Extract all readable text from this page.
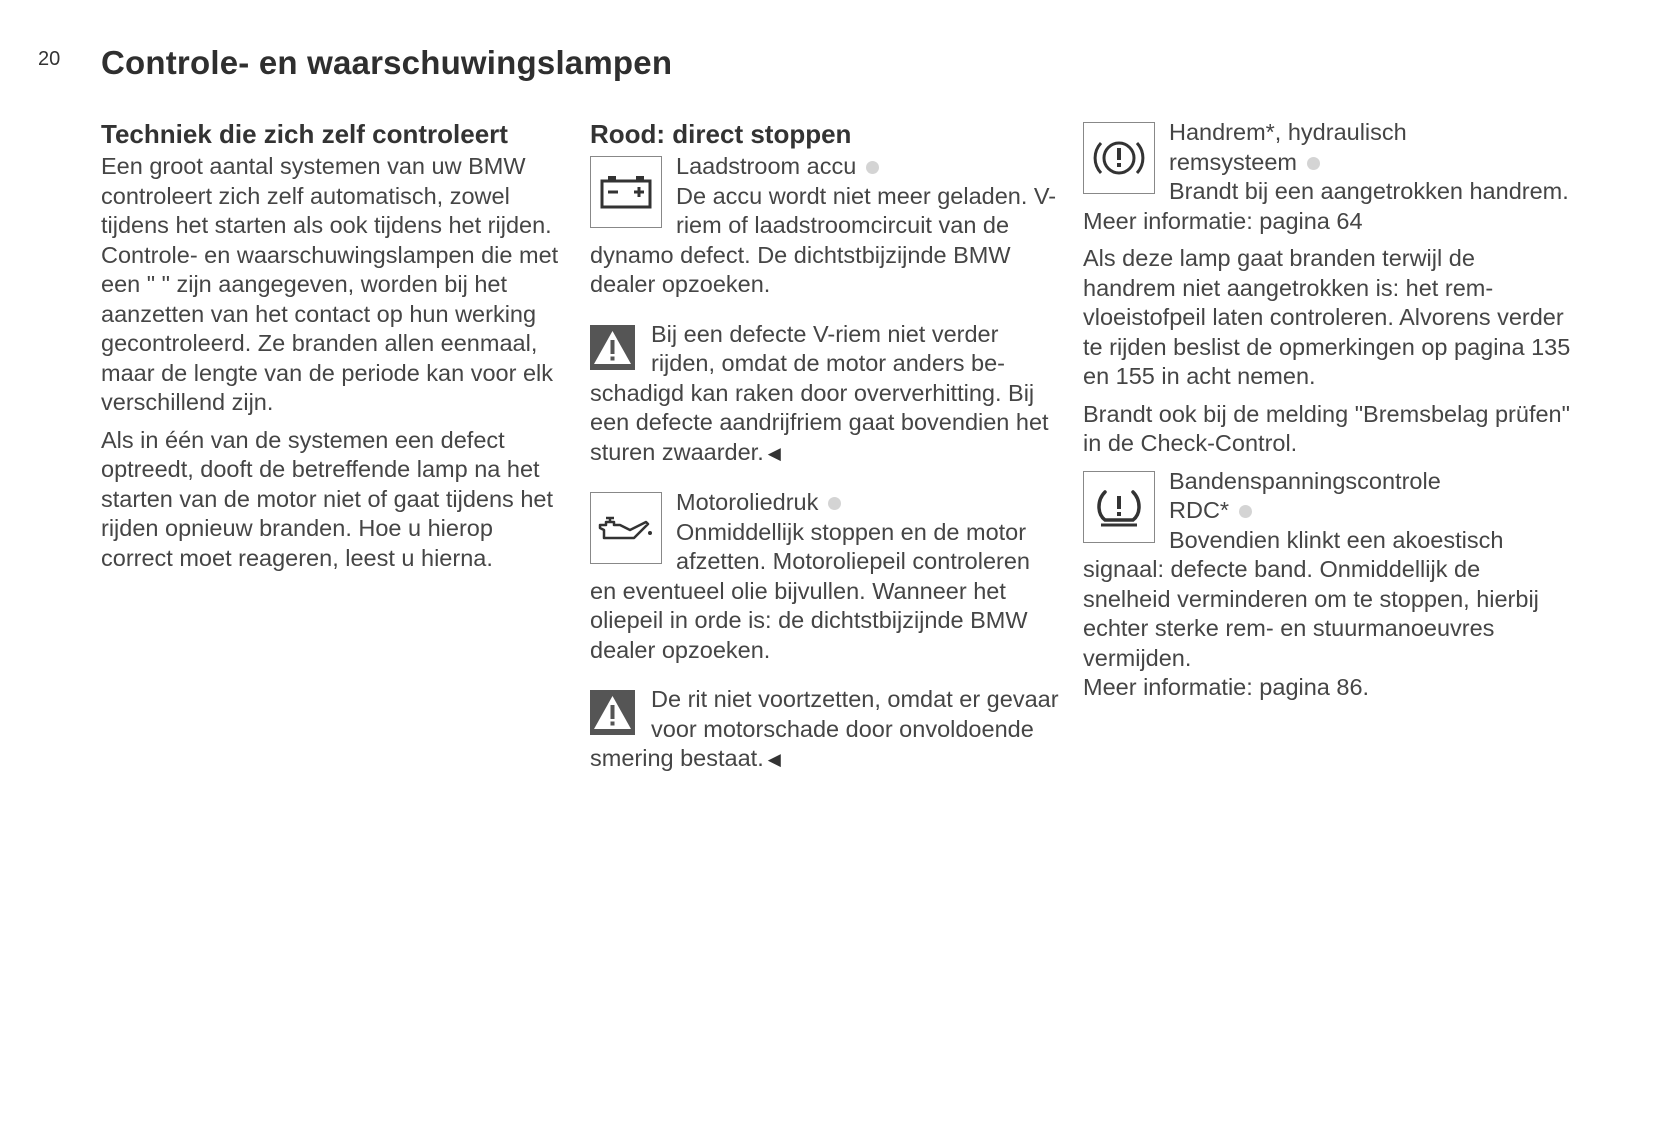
20 Controle- en waarschuwingslampen
Techniek die zich zelf controleert

Een groot aantal systemen van uw BMW controleert zich zelf automatisch, zowel tijdens het starten als ook tijdens het rijden. Controle- en waarschuwingslampen die met een " " zijn aangegeven, worden bij het aanzetten van het contact op hun werking gecontroleerd. Ze branden allen eenmaal, maar de lengte van de periode kan voor elk verschillend zijn.

Als in één van de systemen een defect optreedt, dooft de betreffende lamp na het starten van de motor niet of gaat tijdens het rijden opnieuw branden. Hoe u hierop correct moet reageren, leest u hierna.

Rood: direct stoppen
Laadstroom accu
De accu wordt niet meer geladen. V-riem of laadstroomcircuit van de dynamo defect. De dichtstbijzijnde BMW dealer opzoeken.
Bij een defecte V-riem niet verder rijden, omdat de motor anders beschadigd kan raken door oververhitting. Bij een defecte aandrijfriem gaat bovendien het sturen zwaarder. ◀
Motoroliedruk
Onmiddellijk stoppen en de motor afzetten. Motoroliepeil controleren en eventueel olie bijvullen. Wanneer het oliepeil in orde is: de dichtstbijzijnde BMW dealer opzoeken.
De rit niet voortzetten, omdat er gevaar voor motorschade door onvoldoende smering bestaat. ◀
Handrem*, hydraulisch
remsysteem
Brandt bij een aangetrokken handrem.
Meer informatie: pagina 64

Als deze lamp gaat branden terwijl de handrem niet aangetrokken is: het remvloeistofpeil laten controleren. Alvorens verder te rijden beslist de opmerkingen op pagina 135 en 155 in acht nemen.

Brandt ook bij de melding "Bremsbelag prüfen" in de Check-Control.

Bandenspanningscontrole
RDC*
Bovendien klinkt een akoestisch signaal: defecte band. Onmiddellijk de snelheid verminderen om te stoppen, hierbij echter sterke rem- en stuurmanoeuvres vermijden.
Meer informatie: pagina 86.
